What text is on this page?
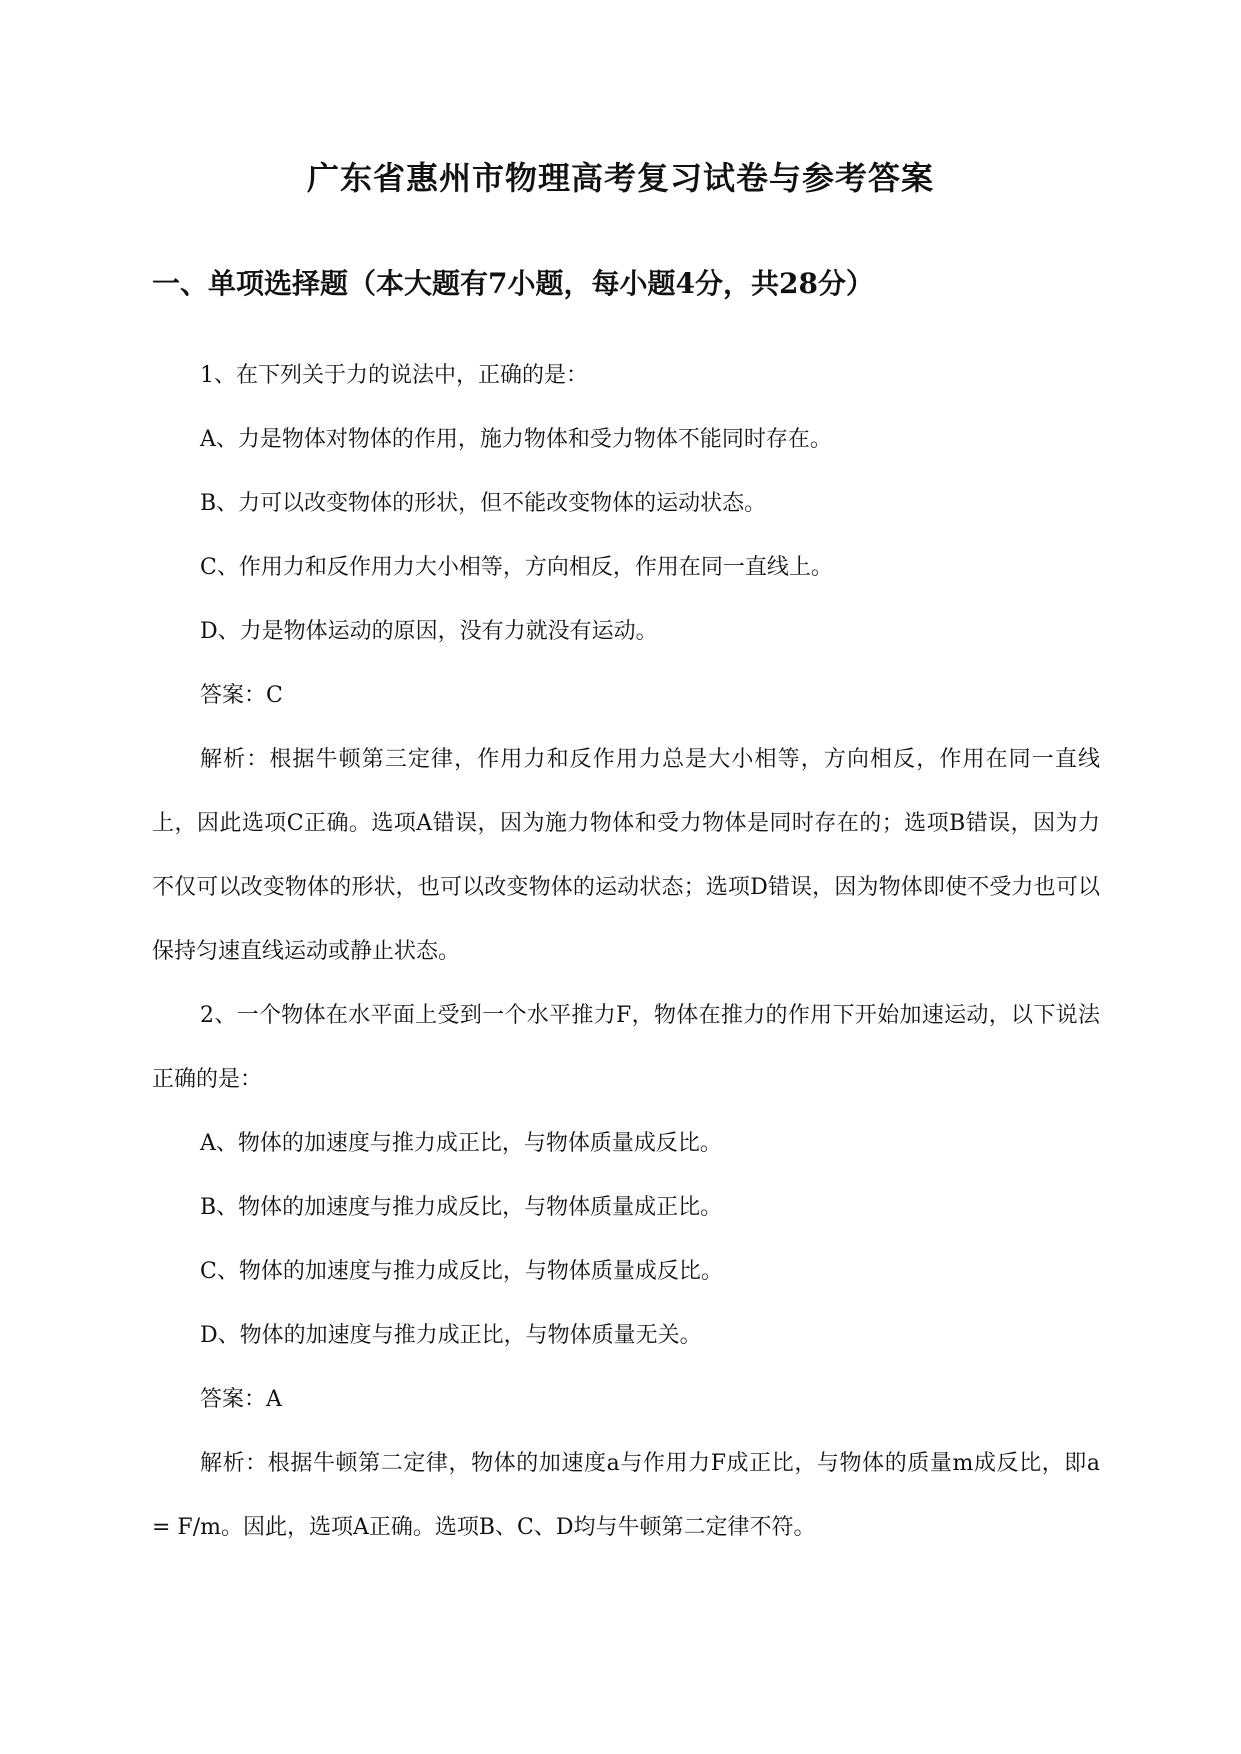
广东省惠州市物理高考复习试卷与参考答案
一、单项选择题（本大题有7小题，每小题4分，共28分）

1、在下列关于力的说法中，正确的是：

A、力是物体对物体的作用，施力物体和受力物体不能同时存在。

B、力可以改变物体的形状，但不能改变物体的运动状态。

C、作用力和反作用力大小相等，方向相反，作用在同一直线上。

D、力是物体运动的原因，没有力就没有运动。

答案：C

解析：根据牛顿第三定律，作用力和反作用力总是大小相等，方向相反，作用在同一直线上，因此选项C正确。选项A错误，因为施力物体和受力物体是同时存在的；选项B错误，因为力不仅可以改变物体的形状，也可以改变物体的运动状态；选项D错误，因为物体即使不受力也可以保持匀速直线运动或静止状态。

2、一个物体在水平面上受到一个水平推力F，物体在推力的作用下开始加速运动，以下说法正确的是：

A、物体的加速度与推力成正比，与物体质量成反比。

B、物体的加速度与推力成反比，与物体质量成正比。

C、物体的加速度与推力成反比，与物体质量成反比。

D、物体的加速度与推力成正比，与物体质量无关。

答案：A

解析：根据牛顿第二定律，物体的加速度a与作用力F成正比，与物体的质量m成反比，即a = F/m。因此，选项A正确。选项B、C、D均与牛顿第二定律不符。
